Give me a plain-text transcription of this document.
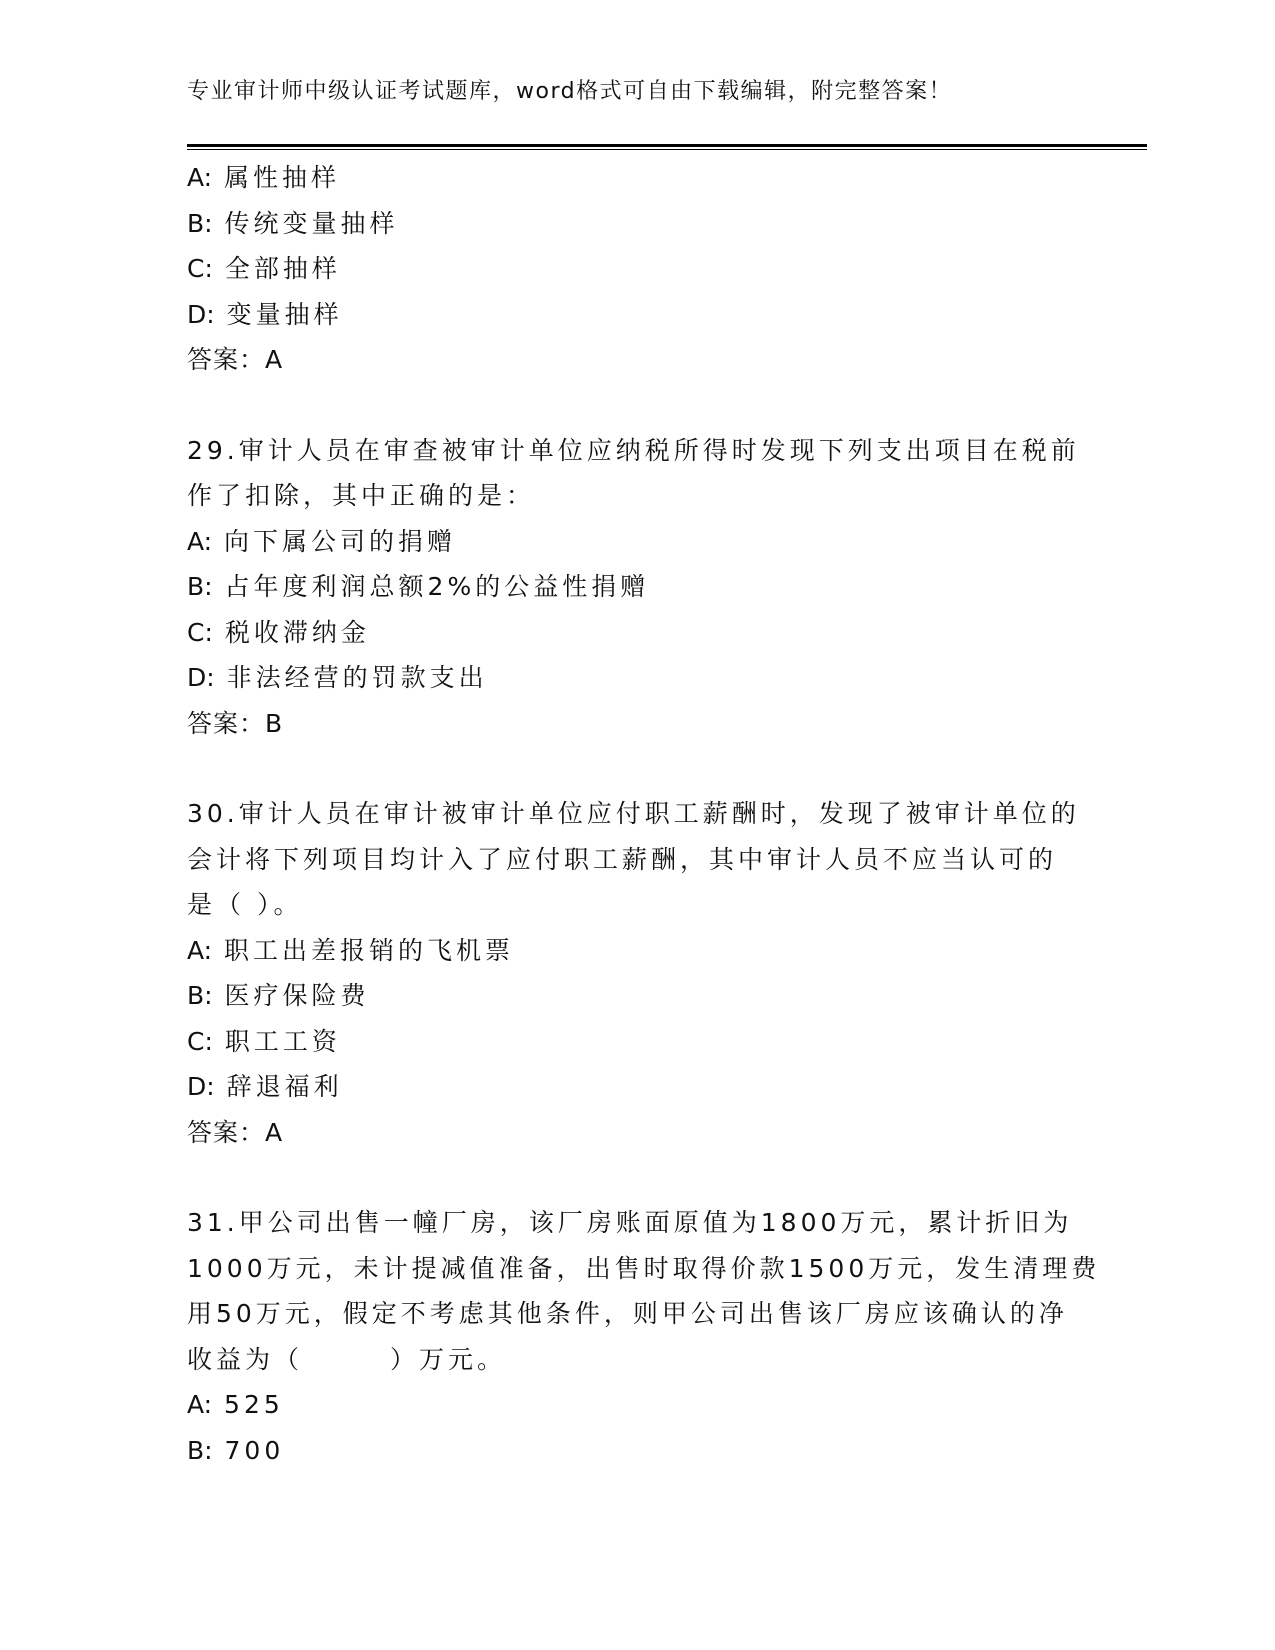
专业审计师中级认证考试题库，word格式可自由下载编辑，附完整答案！
A: 属性抽样
B: 传统变量抽样
C: 全部抽样
D: 变量抽样
答案：A
29.审计人员在审查被审计单位应纳税所得时发现下列支出项目在税前
作了扣除，其中正确的是：
A: 向下属公司的捐赠
B: 占年度利润总额2%的公益性捐赠
C: 税收滞纳金
D: 非法经营的罚款支出
答案：B
30.审计人员在审计被审计单位应付职工薪酬时，发现了被审计单位的
会计将下列项目均计入了应付职工薪酬，其中审计人员不应当认可的
是（ ）。
A: 职工出差报销的飞机票
B: 医疗保险费
C: 职工工资
D: 辞退福利
答案：A
31.甲公司出售一幢厂房，该厂房账面原值为1800万元，累计折旧为
1000万元，未计提减值准备，出售时取得价款1500万元，发生清理费
用50万元，假定不考虑其他条件，则甲公司出售该厂房应该确认的净
收益为（　　　）万元。
A: 525
B: 700
